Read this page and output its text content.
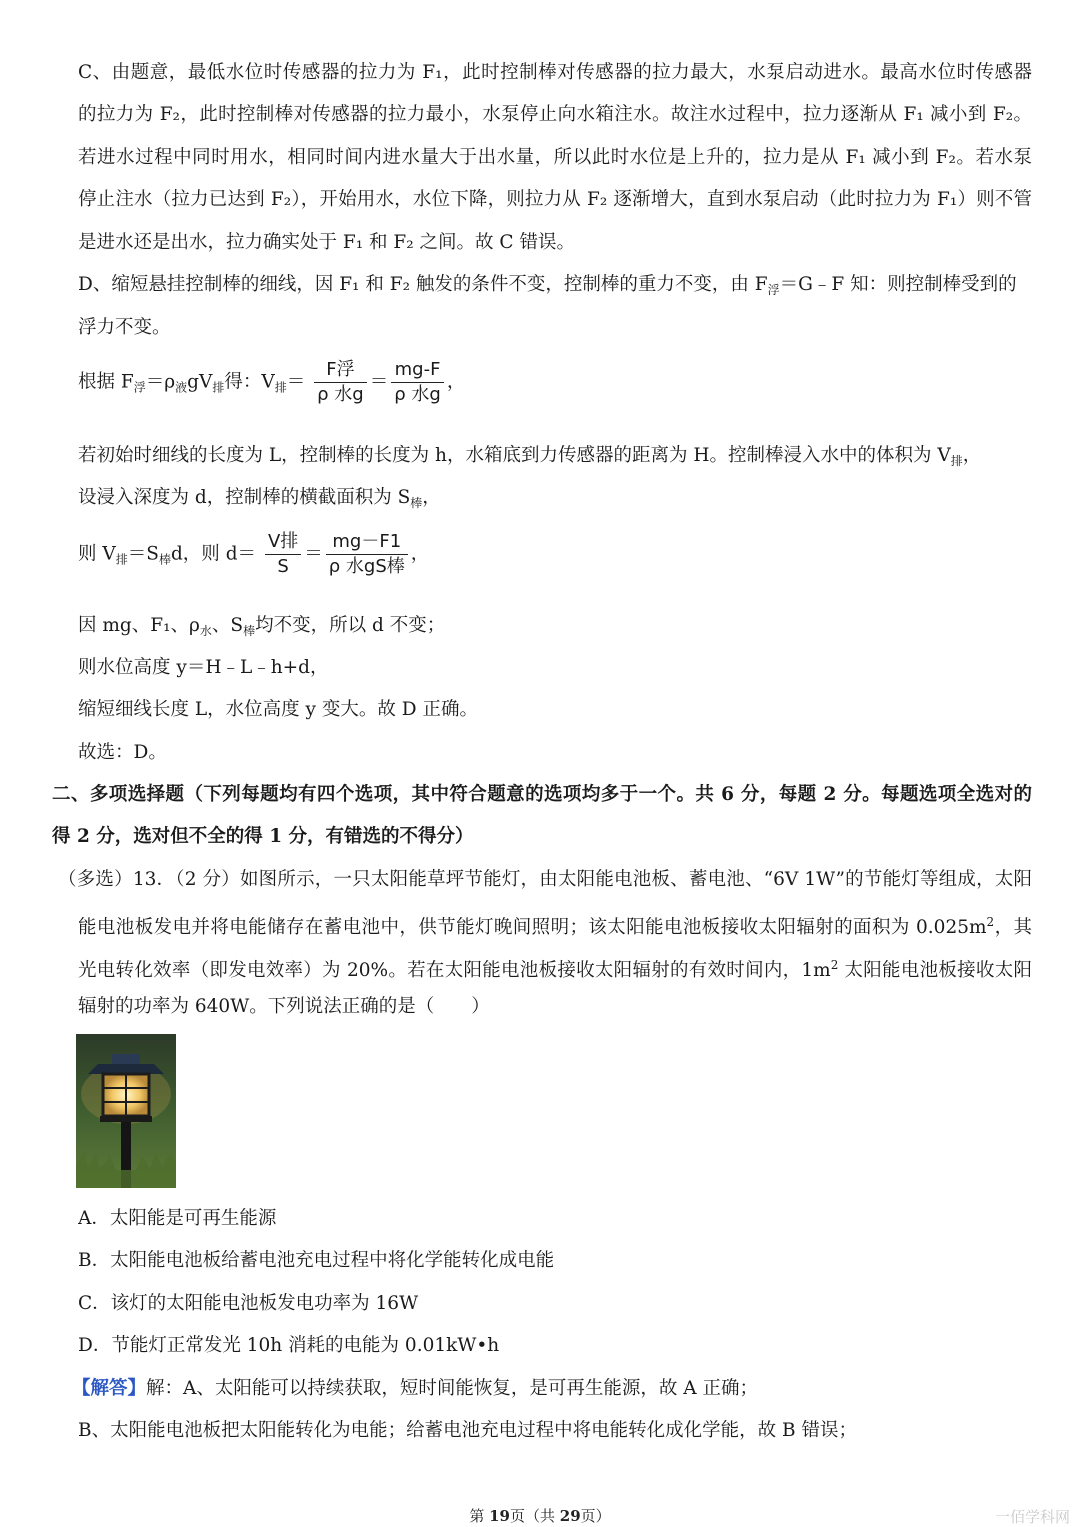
C、由题意，最低水位时传感器的拉力为 F₁，此时控制棒对传感器的拉力最大，水泵启动进水。最高水位时传感器
的拉力为 F₂，此时控制棒对传感器的拉力最小，水泵停止向水箱注水。故注水过程中，拉力逐渐从 F₁ 减小到 F₂。
若进水过程中同时用水，相同时间内进水量大于出水量，所以此时水位是上升的，拉力是从 F₁ 减小到 F₂。若水泵
停止注水（拉力已达到 F₂），开始用水，水位下降，则拉力从 F₂ 逐渐增大，直到水泵启动（此时拉力为 F₁）则不管
是进水还是出水，拉力确实处于 F₁ 和 F₂ 之间。故 C 错误。
D、缩短悬挂控制棒的细线，因 F₁ 和 F₂ 触发的条件不变，控制棒的重力不变，由 $F_浮=G﹣F$ 知：则控制棒受到的
浮力不变。
根据 $F_浮=\rho_液gV_排$得：$V_排= \frac{\text{F浮}}{\text{ρ 水g}} = \frac{mg-F}{\text{ρ 水g}}$ ，
若初始时细线的长度为 L，控制棒的长度为 h，水箱底到力传感器的距离为 H。控制棒浸入水中的体积为 $V_排$，
设浸入深度为 d，控制棒的横截面积为 $S_棒$，
则 $V_排=S_棒d$，则 $d= \frac{\text{V排}}{S} = \frac{mg-F1}{\text{ρ 水gS棒}}$ ，
因 mg、F₁、$\rho_水$、$S_棒$均不变，所以 d 不变；
则水位高度 y＝H﹣L﹣h+d，
缩短细线长度 L，水位高度 y 变大。故 D 正确。
故选：D。
二、多项选择题（下列每题均有四个选项，其中符合题意的选项均多于一个。共 6 分，每题 2 分。每题选项全选对的
得 2 分，选对但不全的得 1 分，有错选的不得分）
（多选）13．（2 分）如图所示，一只太阳能草坪节能灯，由太阳能电池板、蓄电池、“6V 1W”的节能灯等组成，太阳
能电池板发电并将电能储存在蓄电池中，供节能灯晚间照明；该太阳能电池板接收太阳辐射的面积为 $0.025m^2$，其
光电转化效率（即发电效率）为 20%。若在太阳能电池板接收太阳辐射的有效时间内，$1m^2$ 太阳能电池板接收太阳
辐射的功率为 640W。下列说法正确的是（　　）
A．太阳能是可再生能源
B．太阳能电池板给蓄电池充电过程中将化学能转化成电能
C．该灯的太阳能电池板发电功率为 16W
D．节能灯正常发光 10h 消耗的电能为 0.01kW•h
【解答】解：A、太阳能可以持续获取，短时间能恢复，是可再生能源，故 A 正确；
B、太阳能电池板把太阳能转化为电能；给蓄电池充电过程中将电能转化成化学能，故 B 错误；
第 19页（共 29页）	一佰学科网
